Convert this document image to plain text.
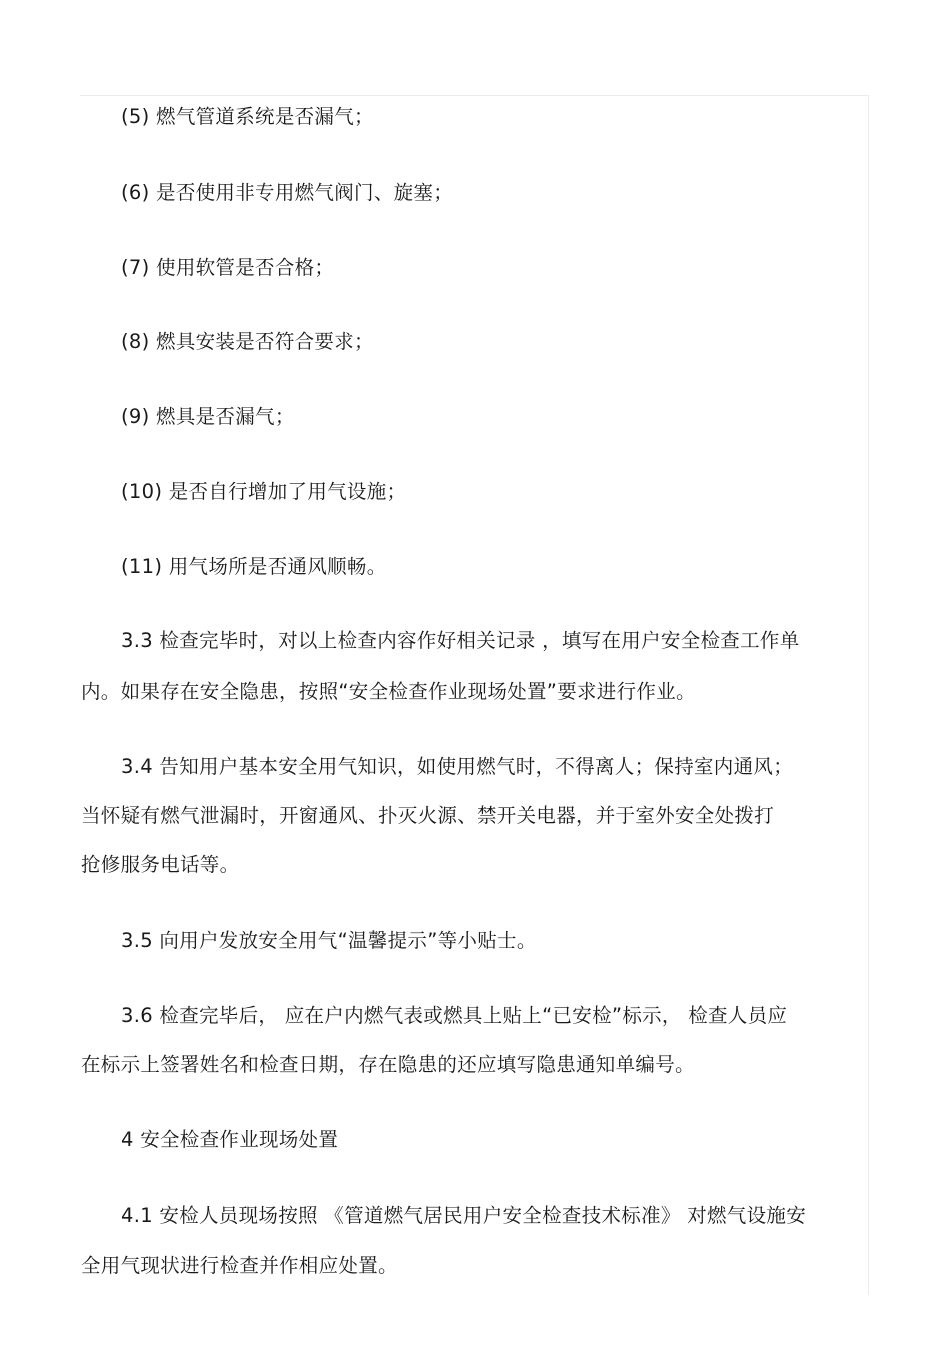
(5) 燃气管道系统是否漏气；

(6) 是否使用非专用燃气阀门、旋塞；

(7) 使用软管是否合格；

(8) 燃具安装是否符合要求；

(9) 燃具是否漏气；

(10) 是否自行增加了用气设施；

(11) 用气场所是否通风顺畅。

3.3 检查完毕时，对以上检查内容作好相关记录 ，填写在用户安全检查工作单

内。如果存在安全隐患，按照“安全检查作业现场处置”要求进行作业。

3.4 告知用户基本安全用气知识，如使用燃气时，不得离人；保持室内通风；

当怀疑有燃气泄漏时，开窗通风、扑灭火源、禁开关电器，并于室外安全处拨打

抢修服务电话等。

3.5 向用户发放安全用气“温馨提示”等小贴士。

3.6 检查完毕后， 应在户内燃气表或燃具上贴上“已安检”标示， 检查人员应

在标示上签署姓名和检查日期，存在隐患的还应填写隐患通知单编号。

4 安全检查作业现场处置

4.1 安检人员现场按照 《管道燃气居民用户安全检查技术标准》 对燃气设施安

全用气现状进行检查并作相应处置。
